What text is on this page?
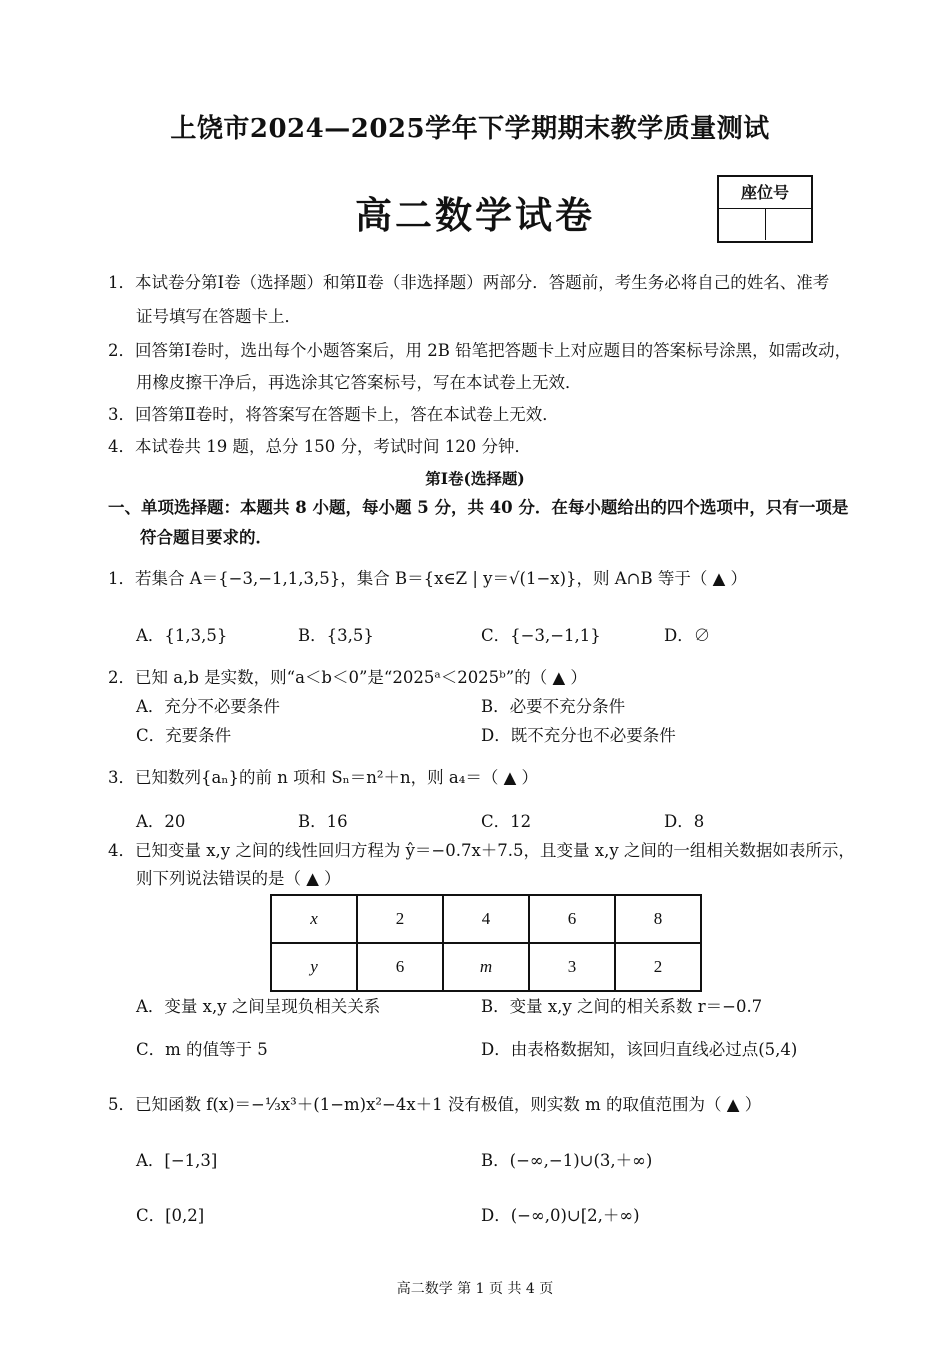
上饶市2024—2025学年下学期期末教学质量测试
高二数学试卷
座位号
1．本试卷分第Ⅰ卷（选择题）和第Ⅱ卷（非选择题）两部分．答题前，考生务必将自己的姓名、准考
证号填写在答题卡上．
2．回答第Ⅰ卷时，选出每个小题答案后，用 2B 铅笔把答题卡上对应题目的答案标号涂黑，如需改动，
用橡皮擦干净后，再选涂其它答案标号，写在本试卷上无效．
3．回答第Ⅱ卷时，将答案写在答题卡上，答在本试卷上无效．
4．本试卷共 19 题，总分 150 分，考试时间 120 分钟．
第Ⅰ卷(选择题)
一、单项选择题：本题共 8 小题，每小题 5 分，共 40 分．在每小题给出的四个选项中，只有一项是
符合题目要求的．
1．若集合 A＝{−3,−1,1,3,5}，集合 B＝{x∈Z | y＝√(1−x)}，则 A∩B 等于（ ▲ ）
A．{1,3,5}	B．{3,5}	C．{−3,−1,1}	D．∅
2．已知 a,b 是实数，则“a＜b＜0”是“2025ᵃ＜2025ᵇ”的（ ▲ ）
A．充分不必要条件	B．必要不充分条件
C．充要条件	D．既不充分也不必要条件
3．已知数列{aₙ}的前 n 项和 Sₙ＝n²＋n，则 a₄＝（ ▲ ）
A．20	B．16	C．12	D．8
4．已知变量 x,y 之间的线性回归方程为 ŷ＝−0.7x＋7.5，且变量 x,y 之间的一组相关数据如表所示，
则下列说法错误的是（ ▲ ）
x	2	4	6	8
y	6	m	3	2
A．变量 x,y 之间呈现负相关关系	B．变量 x,y 之间的相关系数 r＝−0.7
C．m 的值等于 5	D．由表格数据知，该回归直线必过点(5,4)
5．已知函数 f(x)＝−⅓x³＋(1−m)x²−4x＋1 没有极值，则实数 m 的取值范围为（ ▲ ）
A．[−1,3]	B．(−∞,−1)∪(3,＋∞)
C．[0,2]	D．(−∞,0)∪[2,＋∞)
高二数学 第 1 页 共 4 页
